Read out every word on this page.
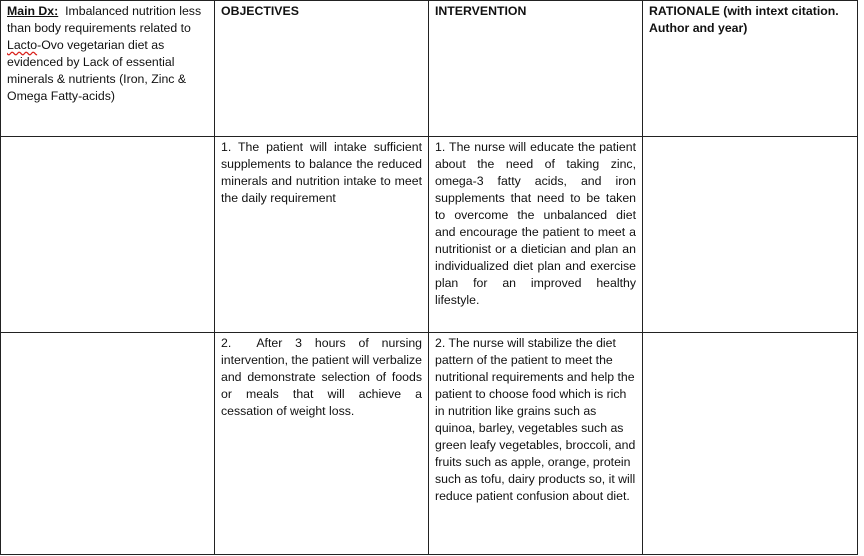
Main Dx:  Imbalanced nutrition less than body requirements related to Lacto-Ovo vegetarian diet as evidenced by Lack of essential minerals & nutrients (Iron, Zinc & Omega Fatty-acids)	OBJECTIVES	INTERVENTION	RATIONALE (with intext citation. Author and year)
	1. The patient will intake sufficient supplements to balance the reduced minerals and nutrition intake to meet the daily requirement	1. The nurse will educate the patient about the need of taking zinc, omega-3 fatty acids, and iron supplements that need to be taken to overcome the unbalanced diet and encourage the patient to meet a nutritionist or a dietician and plan an individualized diet plan and exercise plan for an improved healthy lifestyle.	
	2.  After 3 hours of nursing intervention, the patient will verbalize and demonstrate selection of foods or meals that will achieve a cessation of weight loss.	2. The nurse will stabilize the diet pattern of the patient to meet the nutritional requirements and help the patient to choose food which is rich in nutrition like grains such as quinoa, barley, vegetables such as green leafy vegetables, broccoli, and fruits such as apple, orange, protein such as tofu, dairy products so, it will reduce patient confusion about diet.	
